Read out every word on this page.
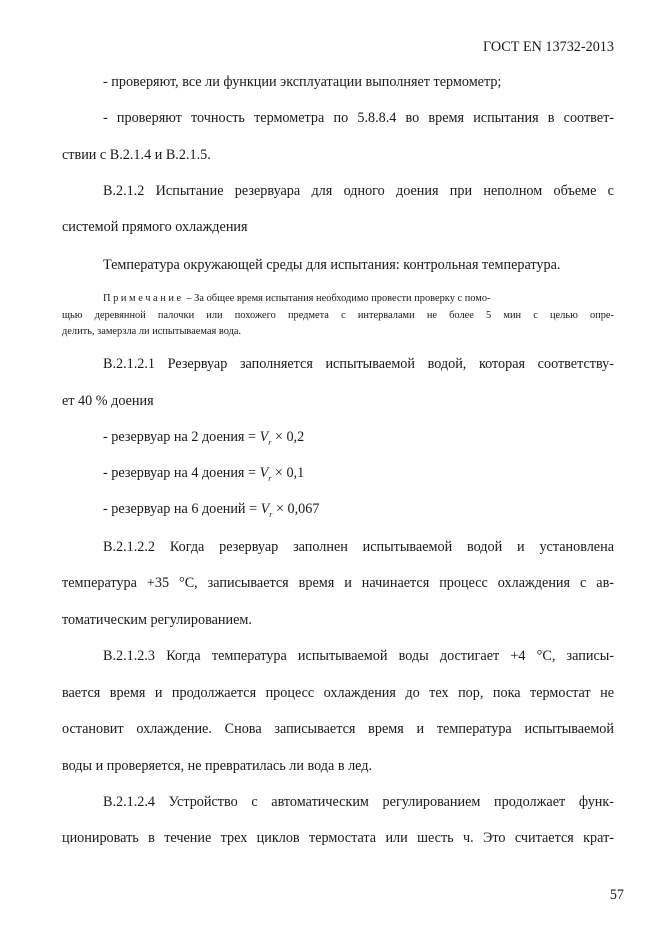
ГОСТ EN 13732-2013
- проверяют, все ли функции эксплуатации выполняет термометр;
- проверяют точность термометра по 5.8.8.4 во время испытания в соответ-
ствии с В.2.1.4 и В.2.1.5.
В.2.1.2 Испытание резервуара для одного доения при неполном объеме с
системой прямого охлаждения
Температура окружающей среды для испытания: контрольная температура.
Примечание – За общее время испытания необходимо провести проверку с помо-
щью деревянной палочки или похожего предмета с интервалами не более 5 мин с целью опре-
делить, замерзла ли испытываемая вода.
В.2.1.2.1 Резервуар заполняется испытываемой водой, которая соответству-
ет 40 % доения
- резервуар на 2 доения = $V_r \times 0,2$
- резервуар на 4 доения = $V_r \times 0,1$
- резервуар на 6 доений = $V_r \times 0,067$
В.2.1.2.2 Когда резервуар заполнен испытываемой водой и установлена
температура +35 °С, записывается время и начинается процесс охлаждения с ав-
томатическим регулированием.
В.2.1.2.3 Когда температура испытываемой воды достигает +4 °С, записы-
вается время и продолжается процесс охлаждения до тех пор, пока термостат не
остановит охлаждение. Снова записывается время и температура испытываемой
воды и проверяется, не превратилась ли вода в лед.
В.2.1.2.4 Устройство с автоматическим регулированием продолжает функ-
ционировать в течение трех циклов термостата или шесть ч. Это считается крат-
57
